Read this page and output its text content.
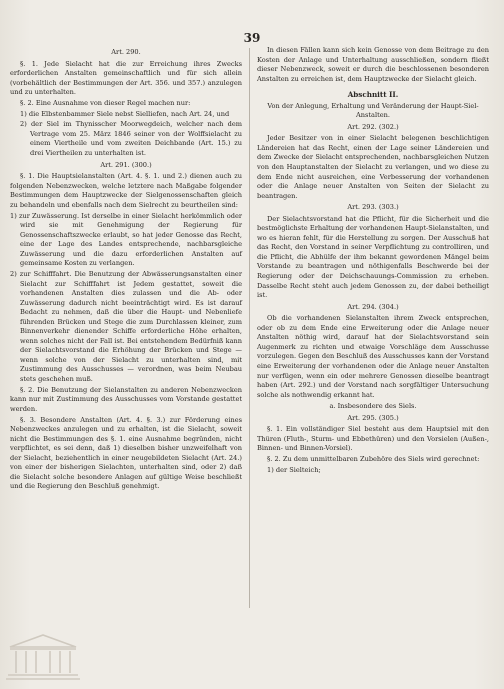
39

Art. 290.

§. 1. Jede Sielacht hat die zur Erreichung ihres Zwecks erforderlichen Anstalten gemeinschaftlich und für sich allein (vorbehältlich der Bestimmungen der Art. 356. und 357.) anzulegen und zu unterhalten.

§. 2. Eine Ausnahme von dieser Regel machen nur:

1) die Elbstenbammer Siele nebst Sielliefen, nach Art. 24, und

2) der Siel im Thynisscher Moorwegdeich, welcher nach dem Vertrage vom 25. März 1846 seiner von der Wolffsielacht zu einem Viertheile und vom zweiten Deichbande (Art. 15.) zu drei Viertheilen zu unterhalten ist.

Art. 291. (300.)

§. 1. Die Hauptsielanstalten (Art. 4. §. 1. und 2.) dienen auch zu folgenden Nebenzwecken, welche letztere nach Maßgabe folgender Bestimmungen dem Hauptzwecke der Sielgenossenschaften gleich zu behandeln und ebenfalls nach dem Sielrecht zu beurtheilen sind:

1) zur Zuwässerung. Ist derselbe in einer Sielacht herkömmlich oder wird sie mit Genehmigung der Regierung für Genossenschaftszwecke erlaubt, so hat jeder Genosse das Recht, eine der Lage des Landes entsprechende, nachbarsgleiche Zuwässerung und die dazu erforderlichen Anstalten auf gemeinsame Kosten zu verlangen.

2) zur Schifffahrt. Die Benutzung der Abwässerungsanstalten einer Sielacht zur Schifffahrt ist Jedem gestattet, soweit die vorhandenen Anstalten dies zulassen und die Ab- oder Zuwässerung dadurch nicht beeinträchtigt wird. Es ist darauf Bedacht zu nehmen, daß die über die Haupt- und Nebenliefe führenden Brücken und Stege die zum Durchlassen kleiner, zum Binnenverkehr dienender Schiffe erforderliche Höhe erhalten, wenn solches nicht der Fall ist. Bei entstehendem Bedürfniß kann der Sielachtsvorstand die Erhöhung der Brücken und Stege — wenn solche von der Sielacht zu unterhalten sind, mit Zustimmung des Ausschusses — verordnen, was beim Neubau stets geschehen muß.

§. 2. Die Benutzung der Sielanstalten zu anderen Nebenzwecken kann nur mit Zustimmung des Ausschusses vom Vorstande gestattet werden.

§. 3. Besondere Anstalten (Art. 4. §. 3.) zur Förderung eines Nebenzweckes anzulegen und zu erhalten, ist die Sielacht, soweit nicht die Bestimmungen des §. 1. eine Ausnahme begründen, nicht verpflichtet, es sei denn, daß 1) dieselben bisher unzweifelhaft von der Sielacht, beziehentlich in einer neugebildeten Sielacht (Art. 24.) von einer der bisherigen Sielachten, unterhalten sind, oder 2) daß die Sielacht solche besondere Anlagen auf gültige Weise beschließt und die Regierung den Beschluß genehmigt.

In diesen Fällen kann sich kein Genosse von dem Beitrage zu den Kosten der Anlage und Unterhaltung ausschließen, sondern fließt dieser Nebenzweck, soweit er durch die beschlossenen besonderen Anstalten zu erreichen ist, dem Hauptzwecke der Sielacht gleich.

Abschnitt II.

Von der Anlegung, Erhaltung und Veränderung der Haupt-Siel-Anstalten.

Art. 292. (302.)

Jeder Besitzer von in einer Sielacht belegenen beschlichtigen Ländereien hat das Recht, einen der Lage seiner Ländereien und dem Zwecke der Sielacht entsprechenden, nachbarsgleichen Nutzen von den Hauptanstalten der Sielacht zu verlangen, und wo diese zu dem Ende nicht ausreichen, eine Verbesserung der vorhandenen oder die Anlage neuer Anstalten von Seiten der Sielacht zu beantragen.

Art. 293. (303.)

Der Sielachtsvorstand hat die Pflicht, für die Sicherheit und die bestmöglichste Erhaltung der vorhandenen Haupt-Sielanstalten, und wo es hieran fehlt, für die Herstellung zu sorgen. Der Ausschuß hat das Recht, den Vorstand in seiner Verpflichtung zu controlliren, und die Pflicht, die Abhülfe der ihm bekannt gewordenen Mängel beim Vorstande zu beantragen und nöthigenfalls Beschwerde bei der Regierung oder der Deichschauungs-Commission zu erheben. Dasselbe Recht steht auch jedem Genossen zu, der dabei betheiligt ist.

Art. 294. (304.)

Ob die vorhandenen Sielanstalten ihrem Zweck entsprechen, oder ob zu dem Ende eine Erweiterung oder die Anlage neuer Anstalten nöthig wird, darauf hat der Sielachtsvorstand sein Augenmerk zu richten und etwaige Vorschläge dem Ausschusse vorzulegen. Gegen den Beschluß des Ausschusses kann der Vorstand eine Erweiterung der vorhandenen oder die Anlage neuer Anstalten nur verfügen, wenn ein oder mehrere Genossen dieselbe beantragt haben (Art. 292.) und der Vorstand nach sorgfältiger Untersuchung solche als nothwendig erkannt hat.

a. Insbesondere des Siels.

Art. 295. (305.)

§. 1. Ein vollständiger Siel besteht aus dem Hauptsiel mit den Thüren (Fluth-, Sturm- und Ebbethüren) und den Vorsielen (Außen-, Binnen- und Binnen-Vorsiel).

§. 2. Zu dem unmittelbaren Zubehöre des Siels wird gerechnet:

1) der Sielteich;
